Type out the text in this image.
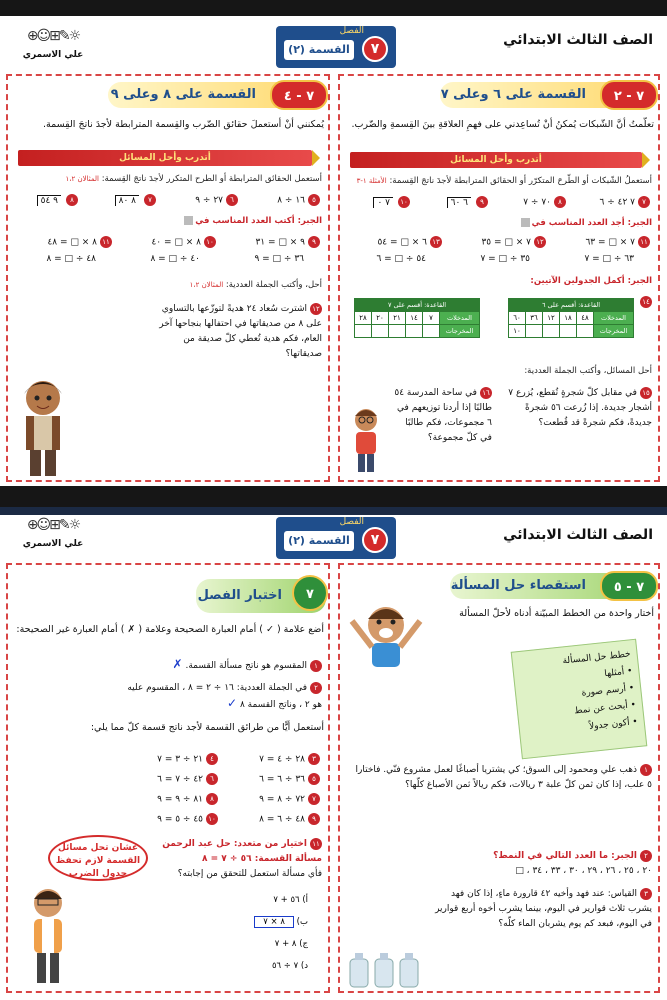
الصف الثالث الابتدائي
الفصل
القسمة (٢)	٧
⊕☺⊞✎☼
علي الاسمري
٧ - ٢
القسمة على ٦ وعلى ٧
تعلّمتُ أنَّ الشّبكات يُمكنُ أنْ تُساعِدني على فهمِ العلاقةِ بينَ القِسمةِ والضّرب.
أتدرب وأحل المسائل
أستعملُ الشّبكات أو الطّرحَ المتكرّر أو الحقائق المترابطة لأجدَ ناتجَ القِسمة: الأمثلة ١-٣
٧٧ ٤٢ ÷ ٦
٨٧٠ ÷ ٧
٩٦ ٦٠
١٠٧ ٠
الجبر: أجد العدد المناسب في
١١٧ × □ = ٦٣
١٢٧ × □ = ٣٥
١٣٦ × □ = ٥٤
٦٣ ÷ □ = ٧
٣٥ ÷ □ = ٧
٥٤ ÷ □ = ٦
الجبر: أكمل الجدولين الآتيين:
١٤
القاعدة: أقسم على ٦					
المدخلات	٤٨	١٨	١٢	٣٦	٦٠
المخرجات					١٠
القاعدة: أقسم على ٧					
المدخلات	٧	١٤	٢١	٢٠	٢٨
المخرجات					
أحل المسائل، وأكتب الجملة العددية:
١٥في مقابل كلّ شجرةٍ تُقطع، يُزرع ٧ أشجار جديدة. إذا زُرعت ٥٦ شجرةً جديدةً، فكم شجرةً قد قُطعت؟
١٦في ساحة المدرسة ٥٤ طالبًا إذا أردنا توزيعهم في ٦ مجموعات، فكم طالبًا في كلّ مجموعة؟
٧ - ٤
القسمة على ٨ وعلى ٩
يُمكنني أنْ أستعملَ حقائق الضّرب والقِسمة المترابطة لأجدَ ناتجَ القِسمة.
أتدرب وأحل المسائل
أستعمل الحقائق المترابطة أو الطرح المتكرر لأجدَ ناتجَ القِسمة: المثالان ١،٢
٥١٦ ÷ ٨
٦٢٧ ÷ ٩
٧٨ ٨٠
٨٩ ٥٤
الجبر: أكتب العدد المناسب في
٩٩ × □ = ٣١
١٠٨ × □ = ٤٠
١١٨ × □ = ٤٨
٣٦ ÷ □ = ٩
٤٠ ÷ □ = ٨
٤٨ ÷ □ = ٨
أحل، وأكتب الجملة العددية: المثالان ١،٢
١٢اشترت سُعاد ٢٤ هديةً لتوزّعها بالتساوي على ٨ من صديقاتها في احتفالها بنجاحها آخر العام، فكم هدية تُعطي كلّ صديقة من صديقاتها؟
الصف الثالث الابتدائي
الفصل
القسمة (٢)	٧
⊕☺⊞✎☼
علي الاسمري
٧ - ٥
استقصاء حل المسألة
أختار واحدة من الخطط المبيّنة أدناه لأحلّ المسألة
خطط حل المسألة
• أمثلها
• أرسم صورة
• أبحث عن نمط
• أكون جدولاً
١ذهب علي ومحمود إلى السوق؛ كي يشتريا أصباغًا لعمل مشروع فنّي. فاختارا ٥ علب، إذا كان ثمن كلّ علبة ٣ ريالات، فكم ريالاً ثمن الأصباغ كلّها؟
٢الجبر: ما العدد التالي في النمط؟
٢٠ ، ٢٥ ، ٢٦ ، ٢٩ ، ٣٠ ، ٣٣ ، ٣٤ ، □
٣القياس: عند فهد وأخيه ٤٢ قارورة ماءٍ، إذا كان فهد يشرب ثلاث قوارير في اليوم، بينما يشرب أخوه أربع قوارير في اليوم، فبعد كم يوم يشربان الماء كلّه؟
٧
اختبار الفصل
أضع علامة ( ✓ ) أمام العبارة الصحيحة وعلامة ( ✗ ) أمام العبارة غير الصحيحة:
١المقسوم هو ناتج مسألة القسمة. ✗
٢في الجملة العددية: ١٦ ÷ ٢ = ٨ ، المقسوم عليه هو ٢ ، وناتج القسمة ٨ ✓
أستعمل أيًّا من طرائق القسمة لأجد ناتج قسمة كلّ مما يلي:
٣٢٨ ÷ ٤ = ٧
٥٣٦ ÷ ٦ = ٦
٧٧٢ ÷ ٨ = ٩
٩٤٨ ÷ ٦ = ٨
٤٢١ ÷ ٣ = ٧
٦٤٢ ÷ ٧ = ٦
٨٨١ ÷ ٩ = ٩
١٠٤٥ ÷ ٥ = ٩
١١اختيار من متعدد: حل عبد الرحمن مسألة القسمة: ٥٦ ÷ ٧ = ٨
فأي مسألة استعمل للتحقق من إجابته؟
أ) ٥٦ + ٧
ب) ٨ × ٧
ج) ٨ + ٧
د) ٧ ÷ ٥٦
عشان تحل مسائل القسمة لازم تحفظ جدول الضرب
